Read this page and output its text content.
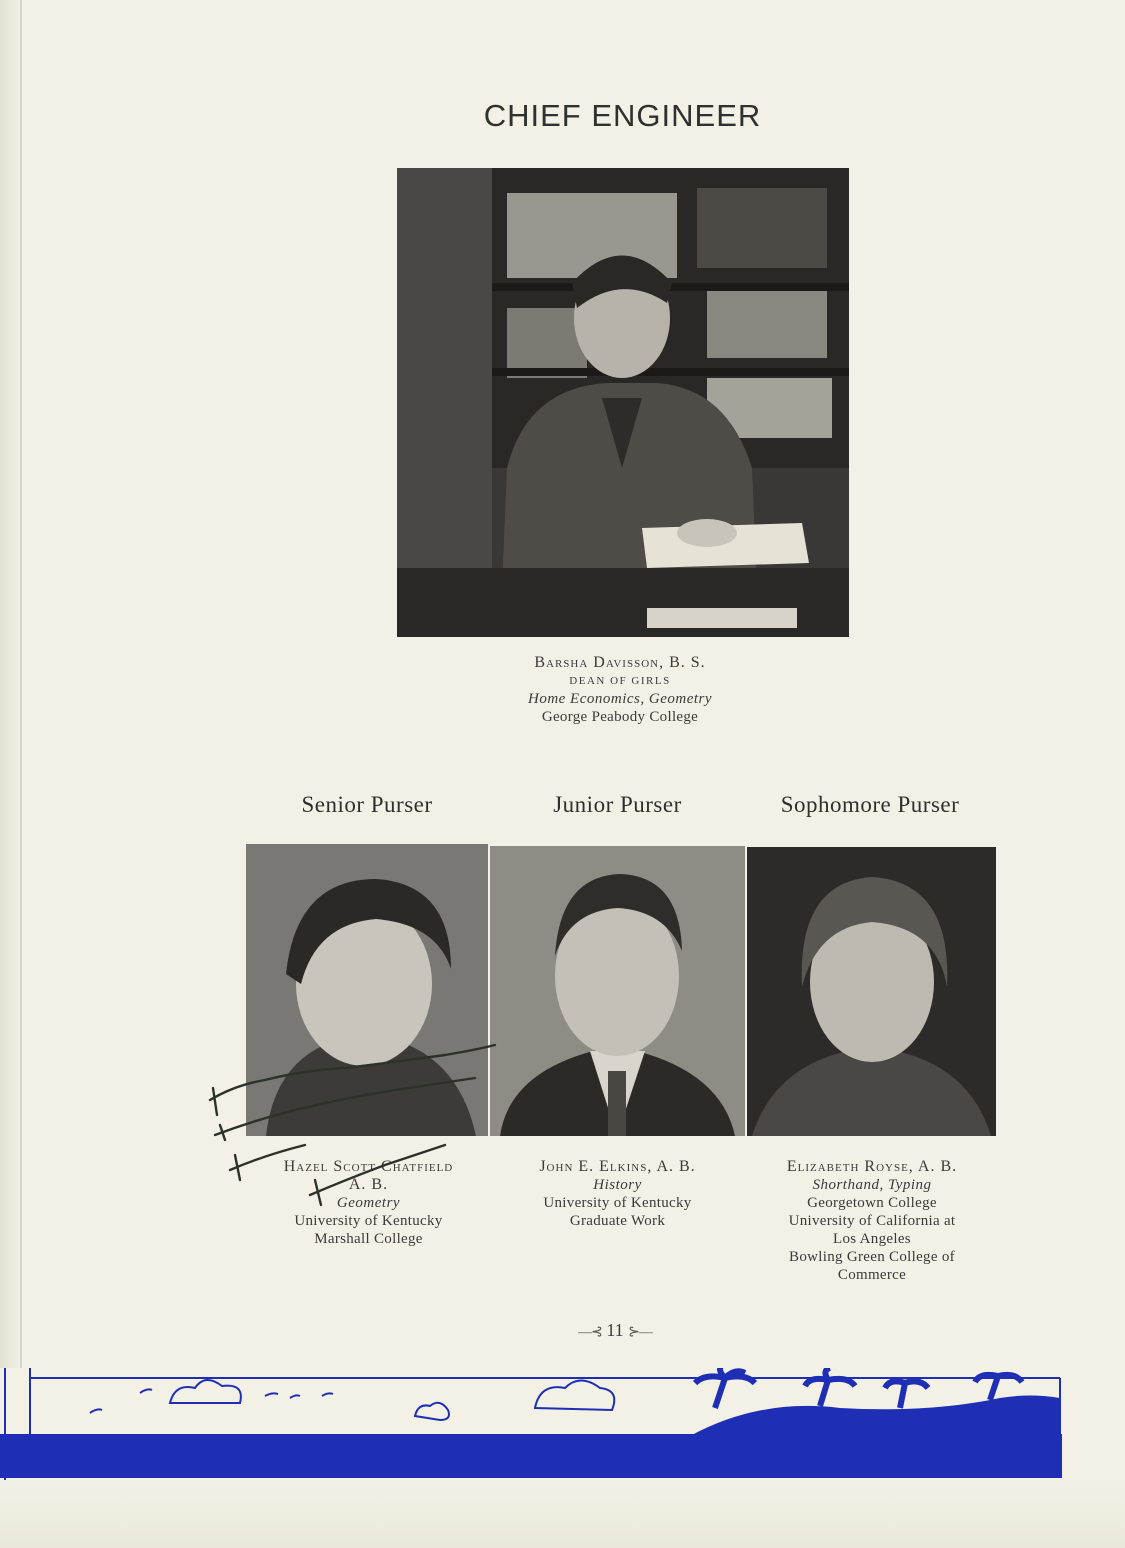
CHIEF ENGINEER
Barsha Davisson, B. S.
DEAN OF GIRLS
Home Economics, Geometry
George Peabody College
Senior Purser	Junior Purser	Sophomore Purser
Hazel Scott Chatfield
A. B.
Geometry
University of Kentucky
Marshall College
John E. Elkins, A. B.
History
University of Kentucky
Graduate Work
Elizabeth Royse, A. B.
Shorthand, Typing
Georgetown College
University of California at
Los Angeles
Bowling Green College of
Commerce
—⊰ 11 ⊱—
